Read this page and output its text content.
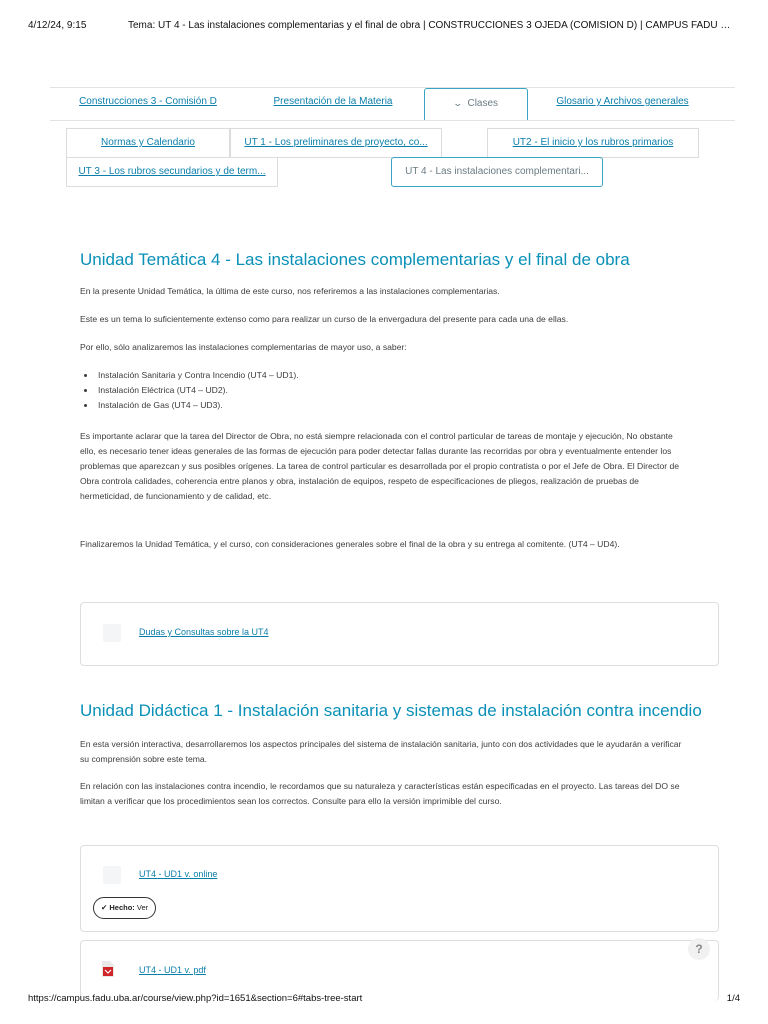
4/12/24, 9:15	Tema: UT 4 - Las instalaciones complementarias y el final de obra | CONSTRUCCIONES 3 OJEDA (COMISION D) | CAMPUS FADU …
Construcciones 3 - Comisión D	Presentación de la Materia	⌄ Clases	Glosario y Archivos generales
Normas y Calendario	UT 1 - Los preliminares de proyecto, co...	UT2 - El inicio y los rubros primarios
UT 3 - Los rubros secundarios y de term...	UT 4 - Las instalaciones complementari...
Unidad Temática 4 - Las instalaciones complementarias y el final de obra

En la presente Unidad Temática, la última de este curso, nos referiremos a las instalaciones complementarias.

Este es un tema lo suficientemente extenso como para realizar un curso de la envergadura del presente para cada una de ellas.

Por ello, sólo analizaremos las instalaciones complementarias de mayor uso, a saber:

• Instalación Sanitaria y Contra Incendio (UT4 – UD1).
• Instalación Eléctrica (UT4 – UD2).
• Instalación de Gas (UT4 – UD3).

Es importante aclarar que la tarea del Director de Obra, no está siempre relacionada con el control particular de tareas de montaje y ejecución, No obstante ello, es necesario tener ideas generales de las formas de ejecución para poder detectar fallas durante las recorridas por obra y eventualmente entender los problemas que aparezcan y sus posibles orígenes. La tarea de control particular es desarrollada por el propio contratista o por el Jefe de Obra. El Director de Obra controla calidades, coherencia entre planos y obra, instalación de equipos, respeto de especificaciones de pliegos, realización de pruebas de hermeticidad, de funcionamiento y de calidad, etc.

Finalizaremos la Unidad Temática, y el curso, con consideraciones generales sobre el final de la obra y su entrega al comitente. (UT4 – UD4).

Dudas y Consultas sobre la UT4
Unidad Didáctica 1 - Instalación sanitaria y sistemas de instalación contra incendio

En esta versión interactiva, desarrollaremos los aspectos principales del sistema de instalación sanitaria, junto con dos actividades que le ayudarán a verificar su comprensión sobre este tema.

En relación con las instalaciones contra incendio, le recordamos que su naturaleza y características están especificadas en el proyecto. Las tareas del DO se limitan a verificar que los procedimientos sean los correctos. Consulte para ello la versión imprimible del curso.

UT4 - UD1 v. online
✔ Hecho: Ver
?
UT4 - UD1 v. pdf
https://campus.fadu.uba.ar/course/view.php?id=1651&section=6#tabs-tree-start	1/4
